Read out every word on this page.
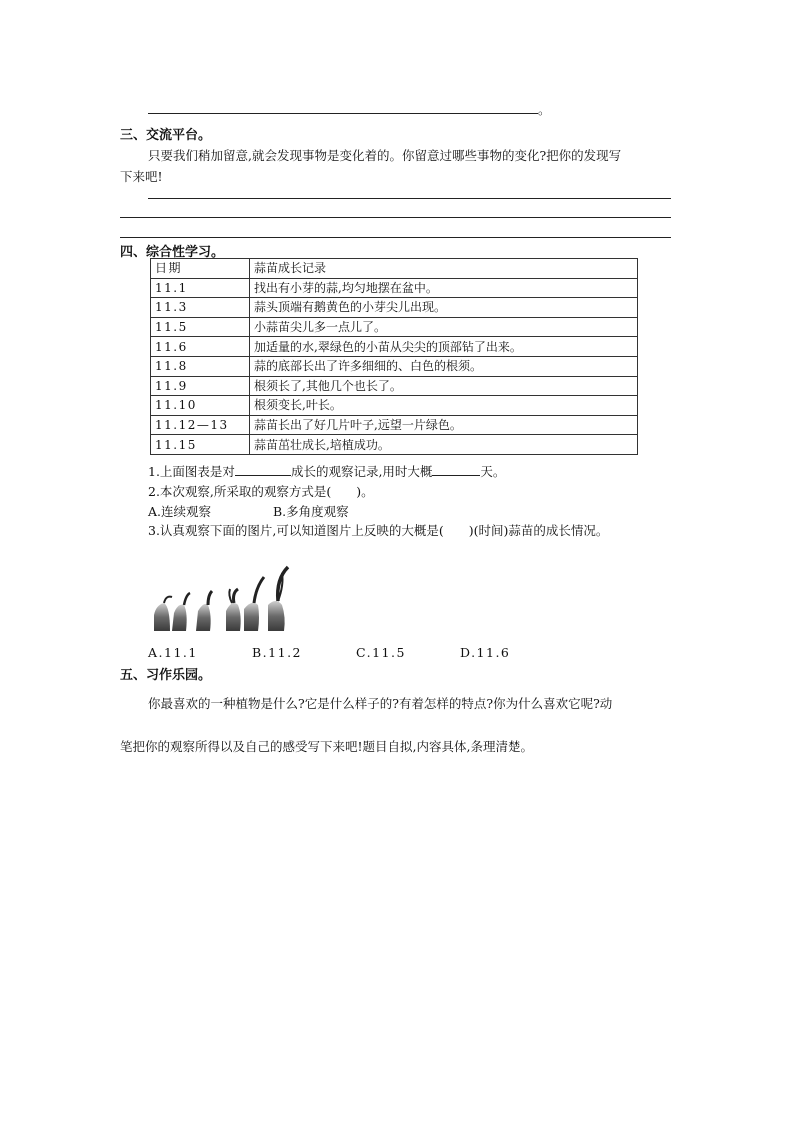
。
三、交流平台。
只要我们稍加留意,就会发现事物是变化着的。你留意过哪些事物的变化?把你的发现写
下来吧!
四、综合性学习。
日期	蒜苗成长记录
11.1	找出有小芽的蒜,均匀地摆在盆中。
11.3	蒜头顶端有鹅黄色的小芽尖儿出现。
11.5	小蒜苗尖儿多一点儿了。
11.6	加适量的水,翠绿色的小苗从尖尖的顶部钻了出来。
11.8	蒜的底部长出了许多细细的、白色的根须。
11.9	根须长了,其他几个也长了。
11.10	根须变长,叶长。
11.12—13	蒜苗长出了好几片叶子,远望一片绿色。
11.15	蒜苗茁壮成长,培植成功。
1.上面图表是对	成长的观察记录,用时大概	天。
2.本次观察,所采取的观察方式是(　　)。
A.连续观察	B.多角度观察
3.认真观察下面的图片,可以知道图片上反映的大概是(　　)(时间)蒜苗的成长情况。
A.11.1	B.11.2	C.11.5	D.11.6
五、习作乐园。
你最喜欢的一种植物是什么?它是什么样子的?有着怎样的特点?你为什么喜欢它呢?动
笔把你的观察所得以及自己的感受写下来吧!题目自拟,内容具体,条理清楚。
